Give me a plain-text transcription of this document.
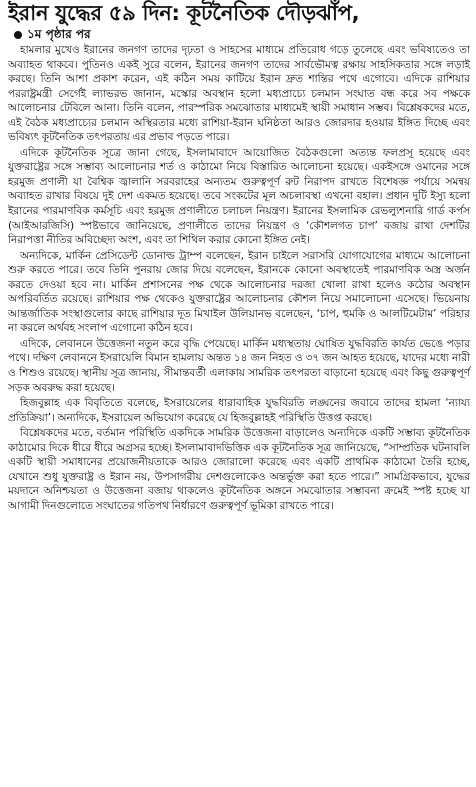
ইরান যুদ্ধের ৫৯ দিন: কূটনৈতিক দৌড়ঝাঁপ,
১ম পৃষ্ঠার পর

হামলার মুখেও ইরানের জনগণ তাদের দৃঢ়তা ও সাহসের মাধ্যমে প্রতিরোধ গড়ে তুলেছে এবং ভবিষ্যতেও তা অব্যাহত থাকবে। পুতিনও একই সুরে বলেন, ইরানের জনগণ তাদের সার্বভৌমত্ব রক্ষায় সাহসিকতার সঙ্গে লড়াই করছে। তিনি আশা প্রকাশ করেন, এই কঠিন সময় কাটিয়ে ইরান দ্রুত শান্তির পথে এগোবে। এদিকে রাশিয়ার পররাষ্ট্রমন্ত্রী সের্গেই ল্যাভরভ জানান, মস্কোর অবস্থান হলো মধ্যপ্রাচ্যে চলমান সংঘাত বন্ধ করে সব পক্ষকে আলোচনার টেবিলে আনা। তিনি বলেন, পারস্পরিক সমঝোতার মাধ্যমেই স্থায়ী সমাধান সম্ভব। বিশ্লেষকদের মতে, এই বৈঠক মধ্যপ্রাচ্যের চলমান অস্থিরতার মধ্যে রাশিয়া-ইরান ঘনিষ্ঠতা আরও জোরদার হওয়ার ইঙ্গিত দিচ্ছে এবং ভবিষ্যৎ কূটনৈতিক তৎপরতায় এর প্রভাব পড়তে পারে।

এদিকে কূটনৈতিক সূত্রে জানা গেছে, ইসলামাবাদে আয়োজিত বৈঠকগুলো অত্যন্ত ফলপ্রসূ হয়েছে এবং যুক্তরাষ্ট্রের সঙ্গে সম্ভাব্য আলোচনার শর্ত ও কাঠামো নিয়ে বিস্তারিত আলোচনা হয়েছে। একইসঙ্গে ওমানের সঙ্গে হরমুজ প্রণালী যা বৈশ্বিক জ্বালানি সরবরাহের অন্যতম গুরুত্বপূর্ণ রুট নিরাপদ রাখতে বিশেষজ্ঞ পর্যায়ে সমন্বয় অব্যাহত রাখার বিষয়ে দুই দেশ একমত হয়েছে। তবে সংকটের মূল অচলাবস্থা এখনো বহাল। প্রধান দুটি ইস্যু হলো ইরানের পারমাণবিক কর্মসূচি এবং হরমুজ প্রণালীতে চলাচল নিয়ন্ত্রণ। ইরানের ইসলামিক রেভল্যুশনারি গার্ড কর্পস (আইআরজিসি) স্পষ্টভাবে জানিয়েছে, প্রণালীতে তাদের নিয়ন্ত্রণ ও ‘কৌশলগত চাপ’ বজায় রাখা দেশটির নিরাপত্তা নীতির অবিচ্ছেদ্য অংশ, এবং তা শিথিল করার কোনো ইঙ্গিত নেই।

অন্যদিকে, মার্কিন প্রেসিডেন্ট ডোনাল্ড ট্রাম্প বলেছেন, ইরান চাইলে সরাসরি যোগাযোগের মাধ্যমে আলোচনা শুরু করতে পারে। তবে তিনি পুনরায় জোর দিয়ে বলেছেন, ইরানকে কোনো অবস্থাতেই পারমাণবিক অস্ত্র অর্জন করতে দেওয়া হবে না। মার্কিন প্রশাসনের পক্ষ থেকে আলোচনার দরজা খোলা রাখা হলেও কঠোর অবস্থান অপরিবর্তিত রয়েছে। রাশিয়ার পক্ষ থেকেও যুক্তরাষ্ট্রের আলোচনার কৌশল নিয়ে সমালোচনা এসেছে। ভিয়েনায় আন্তর্জাতিক সংস্থাগুলোর কাছে রাশিয়ার দূত মিখাইল উলিয়ানভ বলেছেন, ‘চাপ, হুমকি ও আলটিমেটাম’ পরিহার না করলে অর্থবহ সংলাপ এগোনো কঠিন হবে।

এদিকে, লেবাননে উত্তেজনা নতুন করে বৃদ্ধি পেয়েছে। মার্কিন মধ্যস্থতায় ঘোষিত যুদ্ধবিরতি কার্যত ভেঙে পড়ার পথে। দক্ষিণ লেবাননে ইসরায়েলি বিমান হামলায় অন্তত ১৪ জন নিহত ও ৩৭ জন আহত হয়েছে, যাদের মধ্যে নারী ও শিশুও রয়েছে। স্থানীয় সূত্র জানায়, সীমান্তবর্তী এলাকায় সামরিক তৎপরতা বাড়ানো হয়েছে এবং কিছু গুরুত্বপূর্ণ সড়ক অবরুদ্ধ করা হয়েছে।

হিজবুল্লাহ এক বিবৃতিতে বলেছে, ইসরায়েলের ধারাবাহিক যুদ্ধবিরতি লঙ্ঘনের জবাবে তাদের হামলা ‘ন্যায্য প্রতিক্রিয়া’। অন্যদিকে, ইসরায়েল অভিযোগ করেছে যে হিজবুল্লাহই পরিস্থিতি উত্তপ্ত করছে।

বিশ্লেষকদের মতে, বর্তমান পরিস্থিতি একদিকে সামরিক উত্তেজনা বাড়ালেও অন্যদিকে একটি সম্ভাব্য কূটনৈতিক কাঠামোর দিকে ধীরে ধীরে অগ্রসর হচ্ছে। ইসলামাবাদভিত্তিক এক কূটনৈতিক সূত্র জানিয়েছে, “সাম্প্রতিক ঘটনাবলি একটি স্থায়ী সমাধানের প্রয়োজনীয়তাকে আরও জোরালো করেছে এবং একটি প্রাথমিক কাঠামো তৈরি হচ্ছে, যেখানে শুধু যুক্তরাষ্ট্র ও ইরান নয়, উপসাগরীয় দেশগুলোকেও অন্তর্ভুক্ত করা হতে পারে।” সামগ্রিকভাবে, যুদ্ধের ময়দানে অনিশ্চয়তা ও উত্তেজনা বজায় থাকলেও কূটনৈতিক অঙ্গনে সমঝোতার সম্ভাবনা ক্রমেই স্পষ্ট হচ্ছে যা আগামী দিনগুলোতে সংঘাতের গতিপথ নির্ধারণে গুরুত্বপূর্ণ ভূমিকা রাখতে পারে।
